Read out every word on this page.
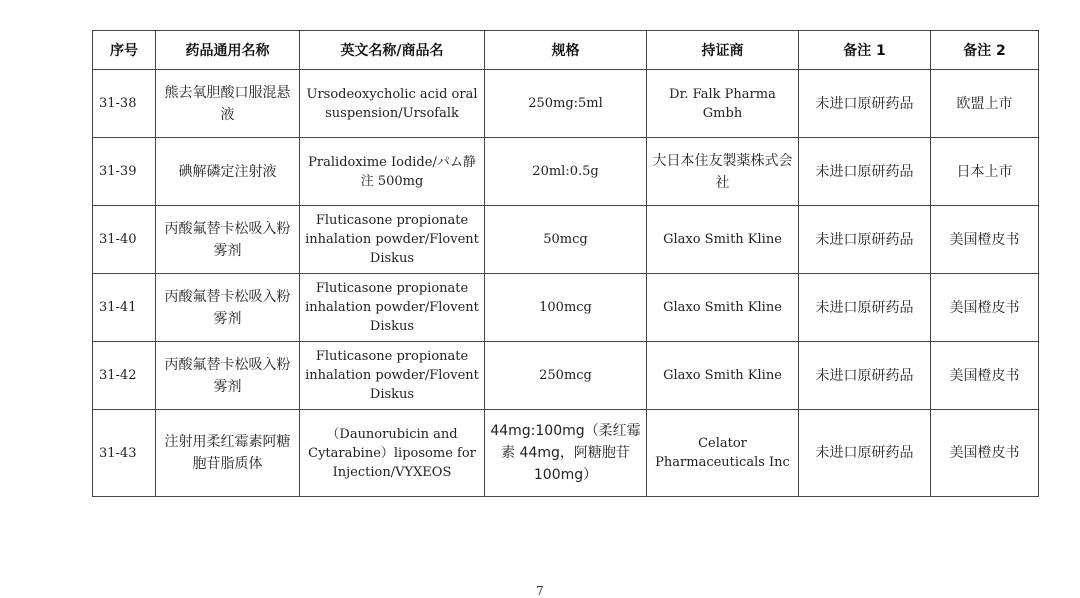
序号	药品通用名称	英文名称/商品名	规格	持证商	备注 1	备注 2
31-38	熊去氧胆酸口服混悬液	Ursodeoxycholic acid oral suspension/Ursofalk	250mg:5ml	Dr. Falk Pharma Gmbh	未进口原研药品	欧盟上市
31-39	碘解磷定注射液	Pralidoxime Iodide/パム静注 500mg	20ml:0.5g	大日本住友製薬株式会社	未进口原研药品	日本上市
31-40	丙酸氟替卡松吸入粉雾剂	Fluticasone propionate inhalation powder/Flovent Diskus	50mcg	Glaxo Smith Kline	未进口原研药品	美国橙皮书
31-41	丙酸氟替卡松吸入粉雾剂	Fluticasone propionate inhalation powder/Flovent Diskus	100mcg	Glaxo Smith Kline	未进口原研药品	美国橙皮书
31-42	丙酸氟替卡松吸入粉雾剂	Fluticasone propionate inhalation powder/Flovent Diskus	250mcg	Glaxo Smith Kline	未进口原研药品	美国橙皮书
31-43	注射用柔红霉素阿糖胞苷脂质体	（Daunorubicin and Cytarabine）liposome for Injection/VYXEOS	44mg:100mg（柔红霉素 44mg，阿糖胞苷 100mg）	Celator Pharmaceuticals Inc	未进口原研药品	美国橙皮书
7
